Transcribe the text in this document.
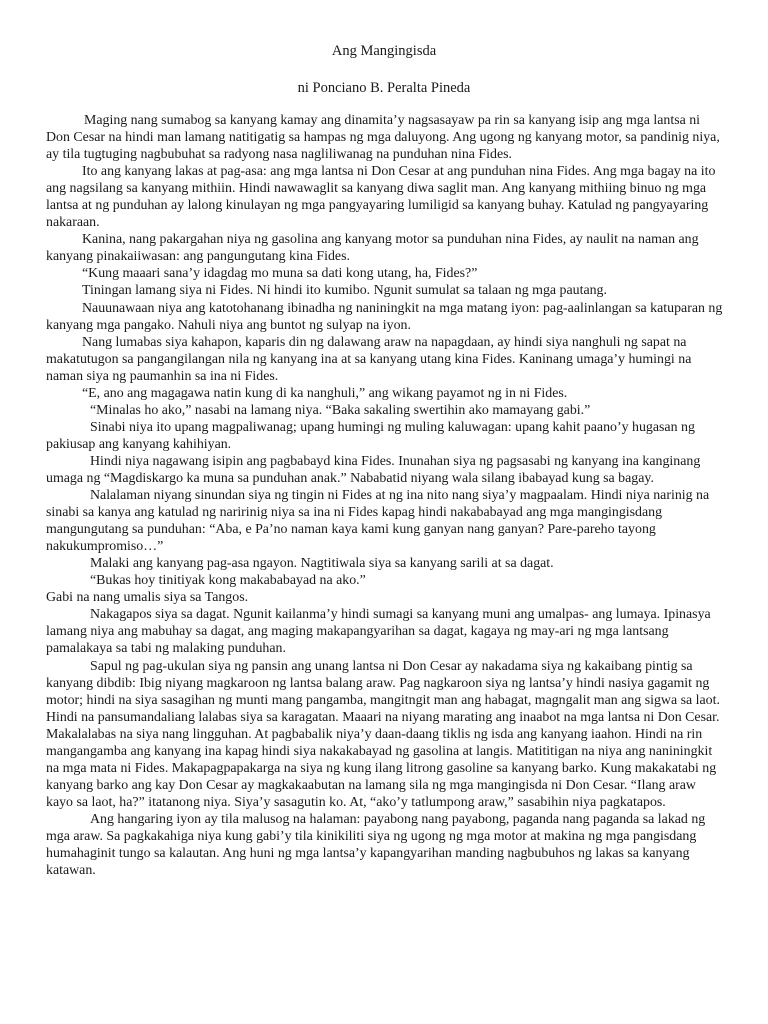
Ang Mangingisda
ni Ponciano B. Peralta Pineda

Maging nang sumabog sa kanyang kamay ang dinamita’y nagsasayaw pa rin sa kanyang isip ang mga lantsa ni Don Cesar na hindi man lamang natitigatig sa hampas ng mga daluyong. Ang ugong ng kanyang motor, sa pandinig niya, ay tila tugtuging nagbubuhat sa radyong nasa nagliliwanag na punduhan nina Fides.

Ito ang kanyang lakas at pag-asa: ang mga lantsa ni Don Cesar at ang punduhan nina Fides. Ang mga bagay na ito ang nagsilang sa kanyang mithiin. Hindi nawawaglit sa kanyang diwa saglit man. Ang kanyang mithiing binuo ng mga lantsa at ng punduhan ay lalong kinulayan ng mga pangyayaring lumiligid sa kanyang buhay. Katulad ng pangyayaring nakaraan.

Kanina, nang pakargahan niya ng gasolina ang kanyang motor sa punduhan nina Fides, ay naulit na naman ang kanyang pinakaiiwasan: ang pangungutang kina Fides.

“Kung maaari sana’y idagdag mo muna sa dati kong utang, ha, Fides?”

Tiningan lamang siya ni Fides. Ni hindi ito kumibo. Ngunit sumulat sa talaan ng mga pautang.

Nauunawaan niya ang katotohanang ibinadha ng naniningkit na mga matang iyon: pag-aalinlangan sa katuparan ng kanyang mga pangako. Nahuli niya ang buntot ng sulyap na iyon.

Nang lumabas siya kahapon, kaparis din ng dalawang araw na napagdaan, ay hindi siya nanghuli ng sapat na makatutugon sa pangangilangan nila ng kanyang ina at sa kanyang utang kina Fides. Kaninang umaga’y humingi na naman siya ng paumanhin sa ina ni Fides.

“E, ano ang magagawa natin kung di ka nanghuli,” ang wikang payamot ng in ni Fides.

“Minalas ho ako,” nasabi na lamang niya. “Baka sakaling swertihin ako mamayang gabi.”

Sinabi niya ito upang magpaliwanag; upang humingi ng muling kaluwagan: upang kahit paano’y hugasan ng pakiusap ang kanyang kahihiyan.

Hindi niya nagawang isipin ang pagbabayd kina Fides. Inunahan siya ng pagsasabi ng kanyang ina kanginang umaga ng “Magdiskargo ka muna sa punduhan anak.” Nababatid niyang wala silang ibabayad kung sa bagay.

Nalalaman niyang sinundan siya ng tingin ni Fides at ng ina nito nang siya’y magpaalam. Hindi niya narinig na sinabi sa kanya ang katulad ng naririnig niya sa ina ni Fides kapag hindi nakababayad ang mga mangingisdang mangungutang sa punduhan: “Aba, e Pa’no naman kaya kami kung ganyan nang ganyan? Pare-pareho tayong nakukumpromiso…”

Malaki ang kanyang pag-asa ngayon. Nagtitiwala siya sa kanyang sarili at sa dagat.

“Bukas hoy tinitiyak kong makababayad na ako.”

Gabi na nang umalis siya sa Tangos.

Nakagapos siya sa dagat. Ngunit kailanma’y hindi sumagi sa kanyang muni ang umalpas- ang lumaya. Ipinasya lamang niya ang mabuhay sa dagat, ang maging makapangyarihan sa dagat, kagaya ng may-ari ng mga lantsang pamalakaya sa tabi ng malaking punduhan.

Sapul ng pag-ukulan siya ng pansin ang unang lantsa ni Don Cesar ay nakadama siya ng kakaibang pintig sa kanyang dibdib: Ibig niyang magkaroon ng lantsa balang araw. Pag nagkaroon siya ng lantsa’y hindi nasiya gagamit ng motor; hindi na siya sasagihan ng munti mang pangamba, mangitngit man ang habagat, magngalit man ang sigwa sa laot. Hindi na pansumandaliang lalabas siya sa karagatan. Maaari na niyang marating ang inaabot na mga lantsa ni Don Cesar. Makalalabas na siya nang lingguhan. At pagbabalik niya’y daan-daang tiklis ng isda ang kanyang iaahon. Hindi na rin mangangamba ang kanyang ina kapag hindi siya nakakabayad ng gasolina at langis. Matititigan na niya ang naniningkit na mga mata ni Fides. Makapagpapakarga na siya ng kung ilang litrong gasoline sa kanyang barko. Kung makakatabi ng kanyang barko ang kay Don Cesar ay magkakaabutan na lamang sila ng mga mangingisda ni Don Cesar. “Ilang araw kayo sa laot, ha?” itatanong niya. Siya’y sasagutin ko. At, “ako’y tatlumpong araw,” sasabihin niya pagkatapos.

Ang hangaring iyon ay tila malusog na halaman: payabong nang payabong, paganda nang paganda sa lakad ng mga araw. Sa pagkakahiga niya kung gabi’y tila kinikiliti siya ng ugong ng mga motor at makina ng mga pangisdang humahaginit tungo sa kalautan. Ang huni ng mga lantsa’y kapangyarihan manding nagbubuhos ng lakas sa kanyang katawan.
